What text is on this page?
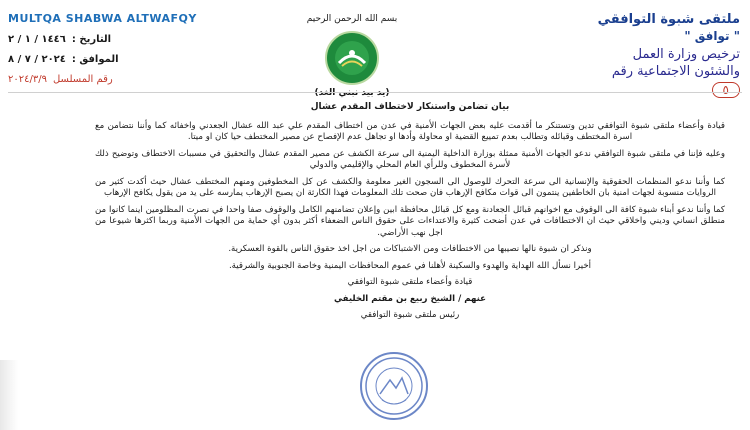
MULTQA SHABWA ALTWAFQY
التاريخ :
١٤٤٦ / ١ / ٢
الموافق :
٢٠٢٤ / ٧ / ٨
رقم المسلسل
٢٠٢٤/٣/٩
بسم الله الرحمن الرحيم
(يد بيد نبني الغد)
ملتقى شبوة التوافقي
" توافق "
ترخيص وزارة العمل
والشئون الاجتماعية رقم
٥

بيان تضامن واستنكار لاختطاف المقدم عشال

قيادة وأعضاء ملتقى شبوة التوافقي تدين وتستنكر ما أقدمت عليه بعض الجهات الأمنية في عدن من اختطاف المقدم علي عبد الله عشال الجعدني واخفائه كما وأننا نتضامن مع اسرة المختطف وقبائله وتطالب بعدم تمييع القضية او محاولة وأدها او تجاهل عدم الإفصاح عن مصير المختطف حيا كان او ميتا.

وعليه فإننا في ملتقى شبوة التوافقي ندعو الجهات الأمنية ممثلة بوزارة الداخلية اليمنية الى سرعة الكشف عن مصير المقدم عشال والتحقيق في مسببات الاختطاف وتوضيح ذلك لأسرة المخطوف وللرأي العام المحلي والإقليمي والدولي

كما وأننا ندعو المنظمات الحقوقية والإنسانية الى سرعة التحرك للوصول الى السجون الغير معلومة والكشف عن كل المخطوفين ومنهم المختطف عشال حيث أكدت كثير من الروايات منسوبة لجهات امنية بان الخاطفين ينتمون الى قوات مكافح الإرهاب فان صحت تلك المعلومات فهذا الكارثة ان يصبح الإرهاب يمارسه على يد من يقول يكافح الإرهاب

كما وأننا ندعو أبناء شبوة كافة الى الوقوف مع اخوانهم قبائل الجعادنة ومع كل قبائل محافظة ابين وإعلان تضامنهم الكامل والوقوف صفا واحدا في نصرت المظلومين اينما كانوا من منطلق انساني وديني واخلاقي حيث ان الاختطافات في عدن أضحت كثيرة والاعتداءات على حقوق الناس الضعفاء أكثر بدون أي حماية من الجهات الأمنية وربما اكثرها شيوعا من اجل نهب الأراضي.

ونذكر ان شبوة نالها نصيبها من الاختطافات ومن الاشتباكات من اجل اخذ حقوق الناس بالقوة العسكرية.

أخيرا نسأل الله الهداية والهدوء والسكينة لأهلنا في عموم المحافظات اليمنية وخاصة الجنوبية والشرقية.

قيادة وأعضاء ملتقى شبوة التوافقي

عنهم / الشيخ ربيع بن مقتم الخليفي

رئيس ملتقى شبوة التوافقي
